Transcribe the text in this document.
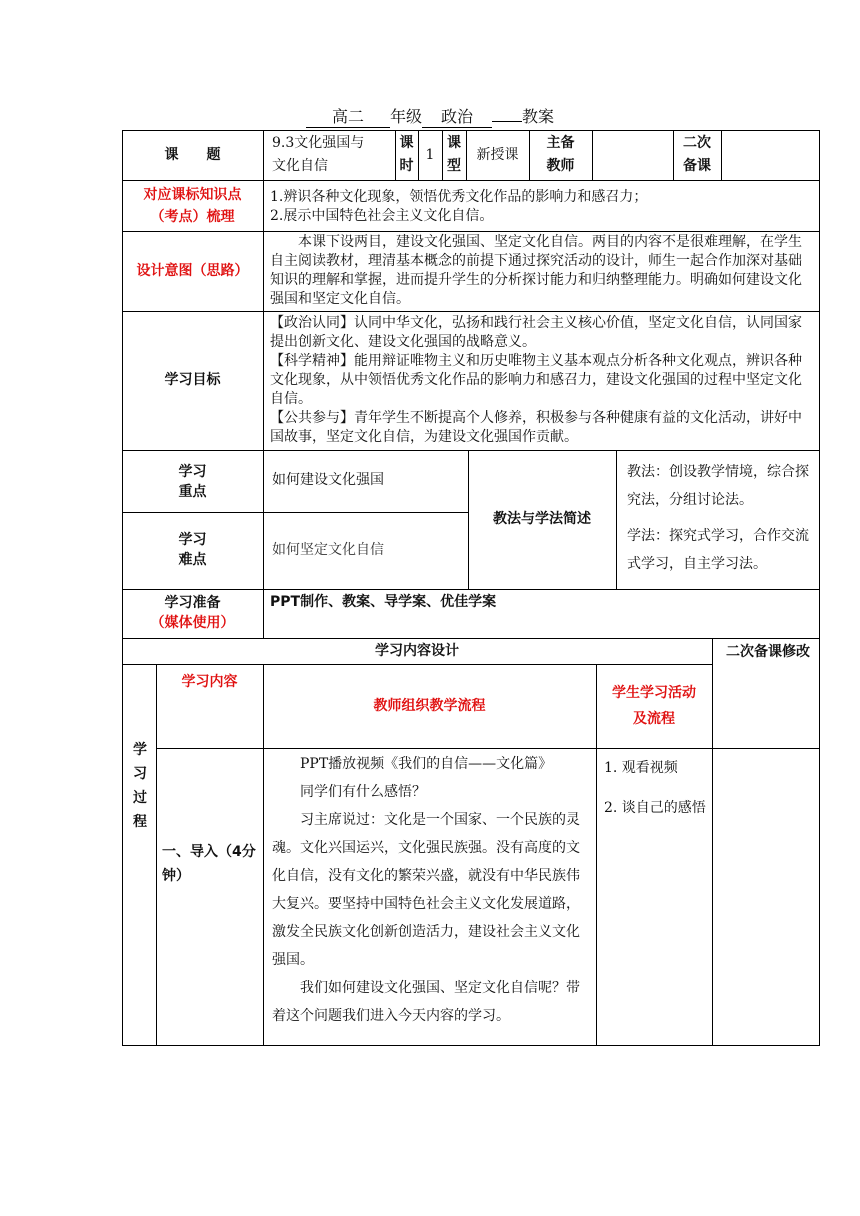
高二 年级 政治	教案
课　　题

9.3文化强国与

文化自信

课

时

1

课

型

新授课

主备

教师

二次

备课

对应课标知识点

（考点）梳理

1.辨识各种文化现象，领悟优秀文化作品的影响力和感召力；

2.展示中国特色社会主义文化自信。

设计意图（思路）

本课下设两目，建设文化强国、坚定文化自信。两目的内容不是很难理解，在学生自主阅读教材，理清基本概念的前提下通过探究活动的设计，师生一起合作加深对基础知识的理解和掌握，进而提升学生的分析探讨能力和归纳整理能力。明确如何建设文化强国和坚定文化自信。

学习目标

【政治认同】认同中华文化，弘扬和践行社会主义核心价值，坚定文化自信，认同国家提出创新文化、建设文化强国的战略意义。

【科学精神】能用辩证唯物主义和历史唯物主义基本观点分析各种文化观点，辨识各种文化现象，从中领悟优秀文化作品的影响力和感召力，建设文化强国的过程中坚定文化自信。

【公共参与】青年学生不断提高个人修养，积极参与各种健康有益的文化活动，讲好中国故事，坚定文化自信，为建设文化强国作贡献。

学习

重点

如何建设文化强国

学习

难点

如何坚定文化自信
教法与学法简述

教法：创设教学情境，综合探究法，分组讨论法。

学法：探究式学习，合作交流式学习，自主学习法。

学习准备

（媒体使用）

PPT制作、教案、导学案、优佳学案
学习内容设计	二次备课修改
学习过程
学习内容
教师组织教学流程

学生学习活动

及流程

一、导入（4分钟）

PPT播放视频《我们的自信——文化篇》

同学们有什么感悟？

习主席说过：文化是一个国家、一个民族的灵魂。文化兴国运兴，文化强民族强。没有高度的文化自信，没有文化的繁荣兴盛，就没有中华民族伟大复兴。要坚持中国特色社会主义文化发展道路，激发全民族文化创新创造活力，建设社会主义文化强国。

我们如何建设文化强国、坚定文化自信呢？带着这个问题我们进入今天内容的学习。

1. 观看视频

2. 谈自己的感悟
